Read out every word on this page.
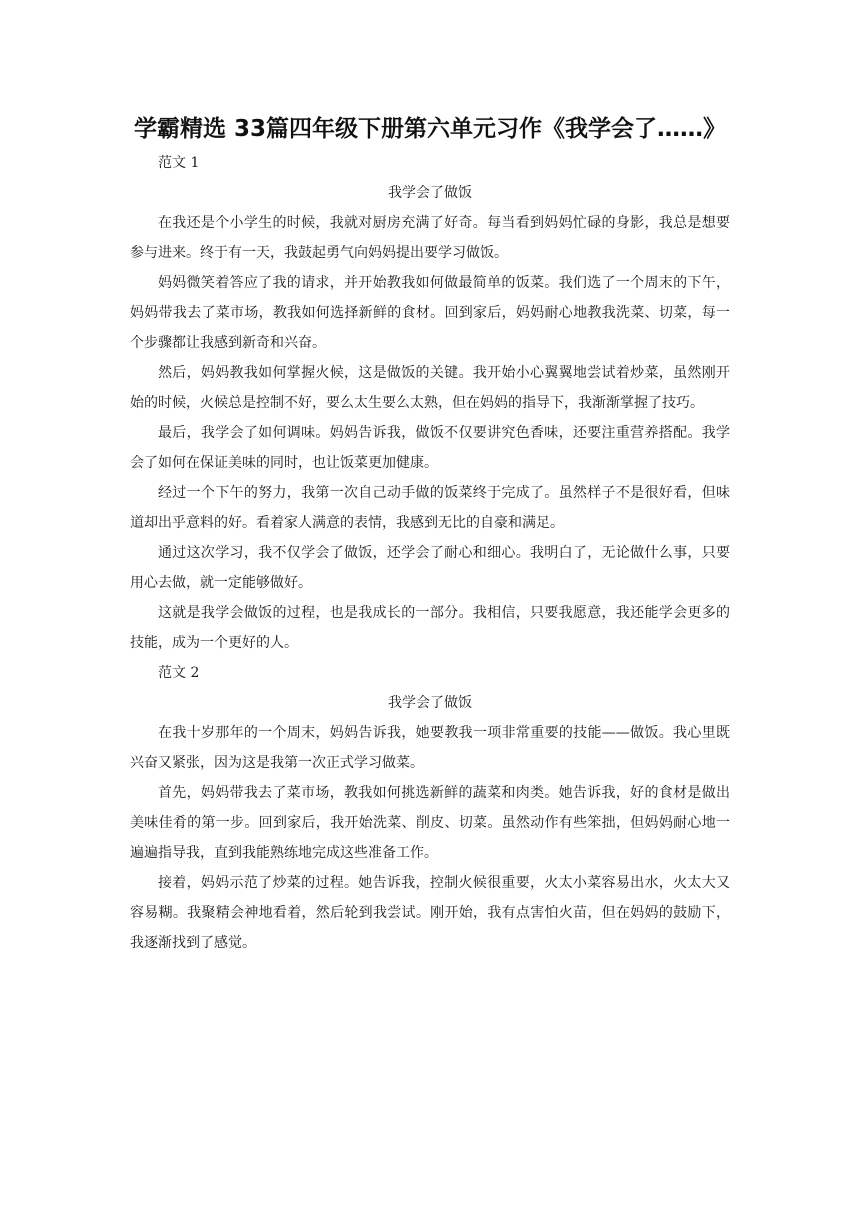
学霸精选 33篇四年级下册第六单元习作《我学会了……》
范文 1
我学会了做饭

在我还是个小学生的时候，我就对厨房充满了好奇。每当看到妈妈忙碌的身影，我总是想要参与进来。终于有一天，我鼓起勇气向妈妈提出要学习做饭。

妈妈微笑着答应了我的请求，并开始教我如何做最简单的饭菜。我们选了一个周末的下午，妈妈带我去了菜市场，教我如何选择新鲜的食材。回到家后，妈妈耐心地教我洗菜、切菜，每一个步骤都让我感到新奇和兴奋。

然后，妈妈教我如何掌握火候，这是做饭的关键。我开始小心翼翼地尝试着炒菜，虽然刚开始的时候，火候总是控制不好，要么太生要么太熟，但在妈妈的指导下，我渐渐掌握了技巧。

最后，我学会了如何调味。妈妈告诉我，做饭不仅要讲究色香味，还要注重营养搭配。我学会了如何在保证美味的同时，也让饭菜更加健康。

经过一个下午的努力，我第一次自己动手做的饭菜终于完成了。虽然样子不是很好看，但味道却出乎意料的好。看着家人满意的表情，我感到无比的自豪和满足。

通过这次学习，我不仅学会了做饭，还学会了耐心和细心。我明白了，无论做什么事，只要用心去做，就一定能够做好。

这就是我学会做饭的过程，也是我成长的一部分。我相信，只要我愿意，我还能学会更多的技能，成为一个更好的人。

范文 2
我学会了做饭

在我十岁那年的一个周末，妈妈告诉我，她要教我一项非常重要的技能——做饭。我心里既兴奋又紧张，因为这是我第一次正式学习做菜。

首先，妈妈带我去了菜市场，教我如何挑选新鲜的蔬菜和肉类。她告诉我，好的食材是做出美味佳肴的第一步。回到家后，我开始洗菜、削皮、切菜。虽然动作有些笨拙，但妈妈耐心地一遍遍指导我，直到我能熟练地完成这些准备工作。

接着，妈妈示范了炒菜的过程。她告诉我，控制火候很重要，火太小菜容易出水，火太大又容易糊。我聚精会神地看着，然后轮到我尝试。刚开始，我有点害怕火苗，但在妈妈的鼓励下，我逐渐找到了感觉。
